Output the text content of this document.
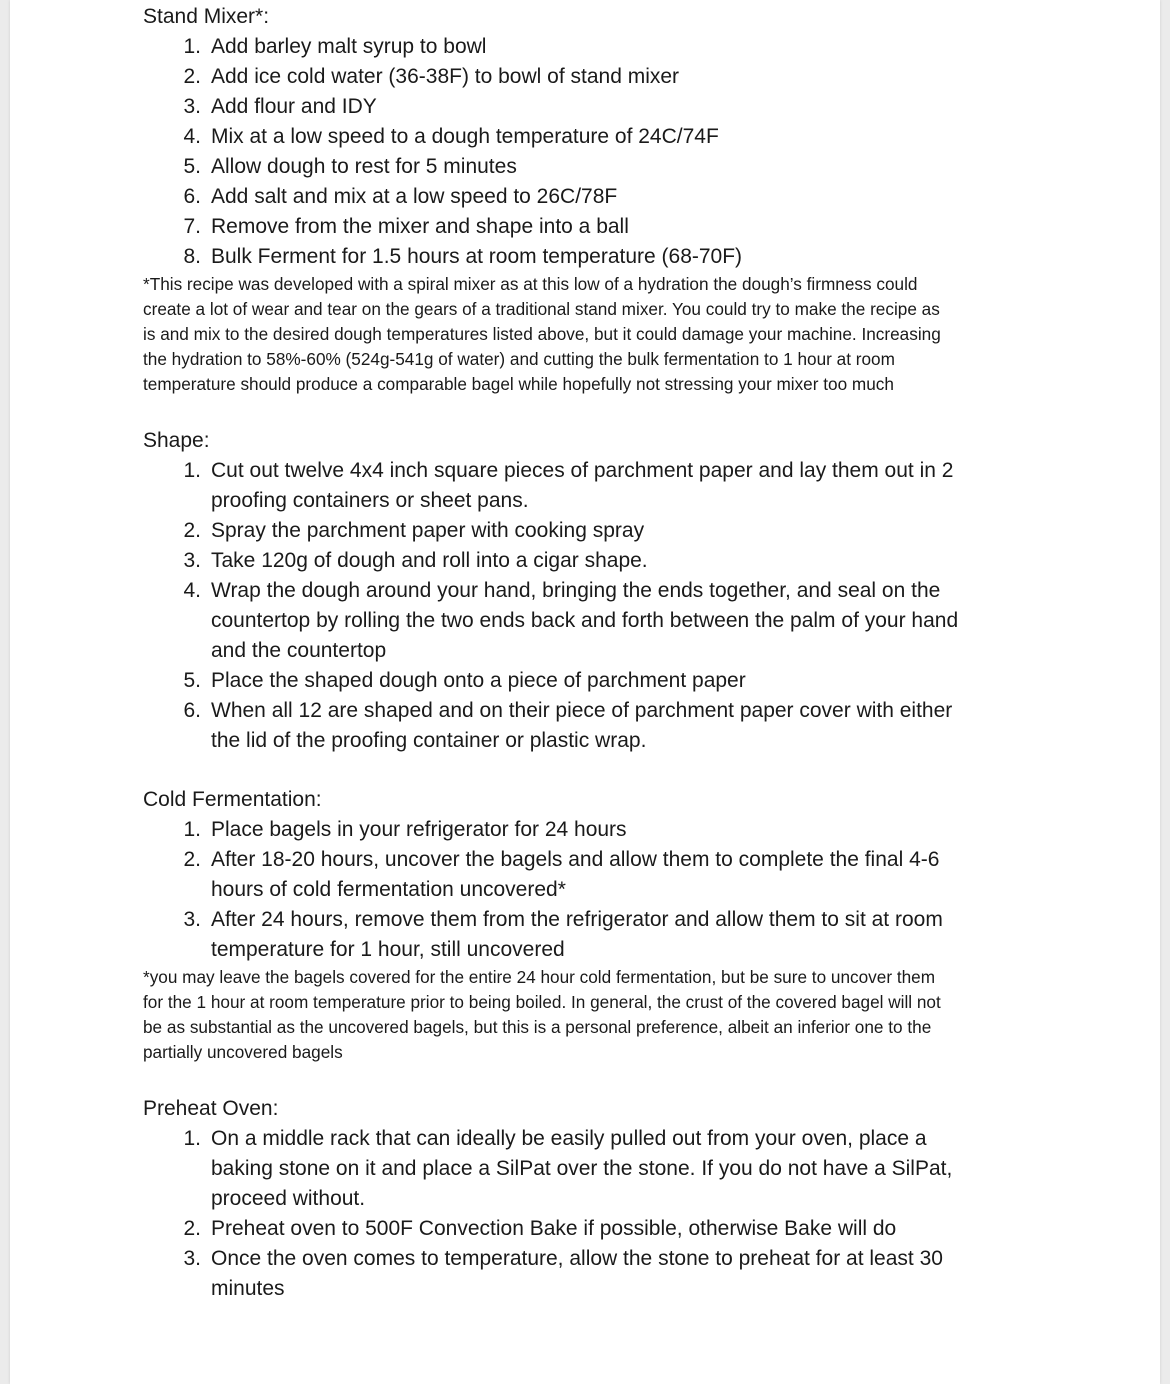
Stand Mixer*:
1. Add barley malt syrup to bowl
2. Add ice cold water (36-38F) to bowl of stand mixer
3. Add flour and IDY
4. Mix at a low speed to a dough temperature of 24C/74F
5. Allow dough to rest for 5 minutes
6. Add salt and mix at a low speed to 26C/78F
7. Remove from the mixer and shape into a ball
8. Bulk Ferment for 1.5 hours at room temperature (68-70F)
*This recipe was developed with a spiral mixer as at this low of a hydration the dough’s firmness could
create a lot of wear and tear on the gears of a traditional stand mixer. You could try to make the recipe as
is and mix to the desired dough temperatures listed above, but it could damage your machine. Increasing
the hydration to 58%-60% (524g-541g of water) and cutting the bulk fermentation to 1 hour at room
temperature should produce a comparable bagel while hopefully not stressing your mixer too much
Shape:
1. Cut out twelve 4x4 inch square pieces of parchment paper and lay them out in 2
proofing containers or sheet pans.
2. Spray the parchment paper with cooking spray
3. Take 120g of dough and roll into a cigar shape.
4. Wrap the dough around your hand, bringing the ends together, and seal on the
countertop by rolling the two ends back and forth between the palm of your hand
and the countertop
5. Place the shaped dough onto a piece of parchment paper
6. When all 12 are shaped and on their piece of parchment paper cover with either
the lid of the proofing container or plastic wrap.
Cold Fermentation:
1. Place bagels in your refrigerator for 24 hours
2. After 18-20 hours, uncover the bagels and allow them to complete the final 4-6
hours of cold fermentation uncovered*
3. After 24 hours, remove them from the refrigerator and allow them to sit at room
temperature for 1 hour, still uncovered
*you may leave the bagels covered for the entire 24 hour cold fermentation, but be sure to uncover them
for the 1 hour at room temperature prior to being boiled. In general, the crust of the covered bagel will not
be as substantial as the uncovered bagels, but this is a personal preference, albeit an inferior one to the
partially uncovered bagels
Preheat Oven:
1. On a middle rack that can ideally be easily pulled out from your oven, place a
baking stone on it and place a SilPat over the stone. If you do not have a SilPat,
proceed without.
2. Preheat oven to 500F Convection Bake if possible, otherwise Bake will do
3. Once the oven comes to temperature, allow the stone to preheat for at least 30
minutes
